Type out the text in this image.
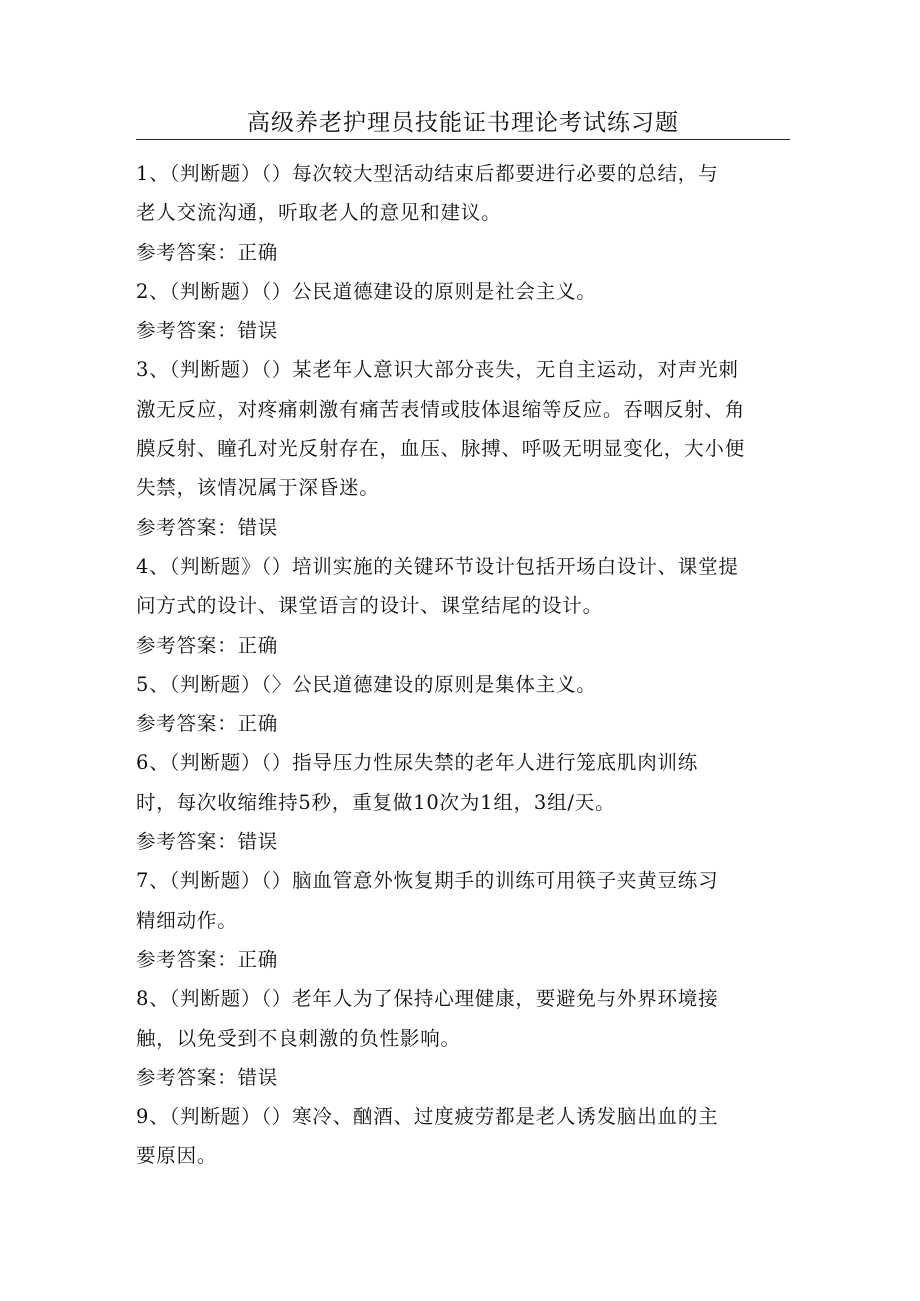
高级养老护理员技能证书理论考试练习题
1、（判断题）（）每次较大型活动结束后都要进行必要的总结，与
老人交流沟通，听取老人的意见和建议。
参考答案：正确
2、（判断题）（）公民道德建设的原则是社会主义。
参考答案：错误
3、（判断题）（）某老年人意识大部分丧失，无自主运动，对声光刺
激无反应，对疼痛刺激有痛苦表情或肢体退缩等反应。吞咽反射、角
膜反射、瞳孔对光反射存在，血压、脉搏、呼吸无明显变化，大小便
失禁，该情况属于深昏迷。
参考答案：错误
4、（判断题》（）培训实施的关键环节设计包括开场白设计、课堂提
问方式的设计、课堂语言的设计、课堂结尾的设计。
参考答案：正确
5、（判断题）（〉公民道德建设的原则是集体主义。
参考答案：正确
6、（判断题）（）指导压力性尿失禁的老年人进行笼底肌肉训练
时，每次收缩维持5秒，重复做10次为1组，3组/天。
参考答案：错误
7、（判断题）（）脑血管意外恢复期手的训练可用筷子夹黄豆练习
精细动作。
参考答案：正确
8、（判断题）（）老年人为了保持心理健康，要避免与外界环境接
触，以免受到不良刺激的负性影响。
参考答案：错误
9、（判断题）（）寒冷、酗酒、过度疲劳都是老人诱发脑出血的主
要原因。
